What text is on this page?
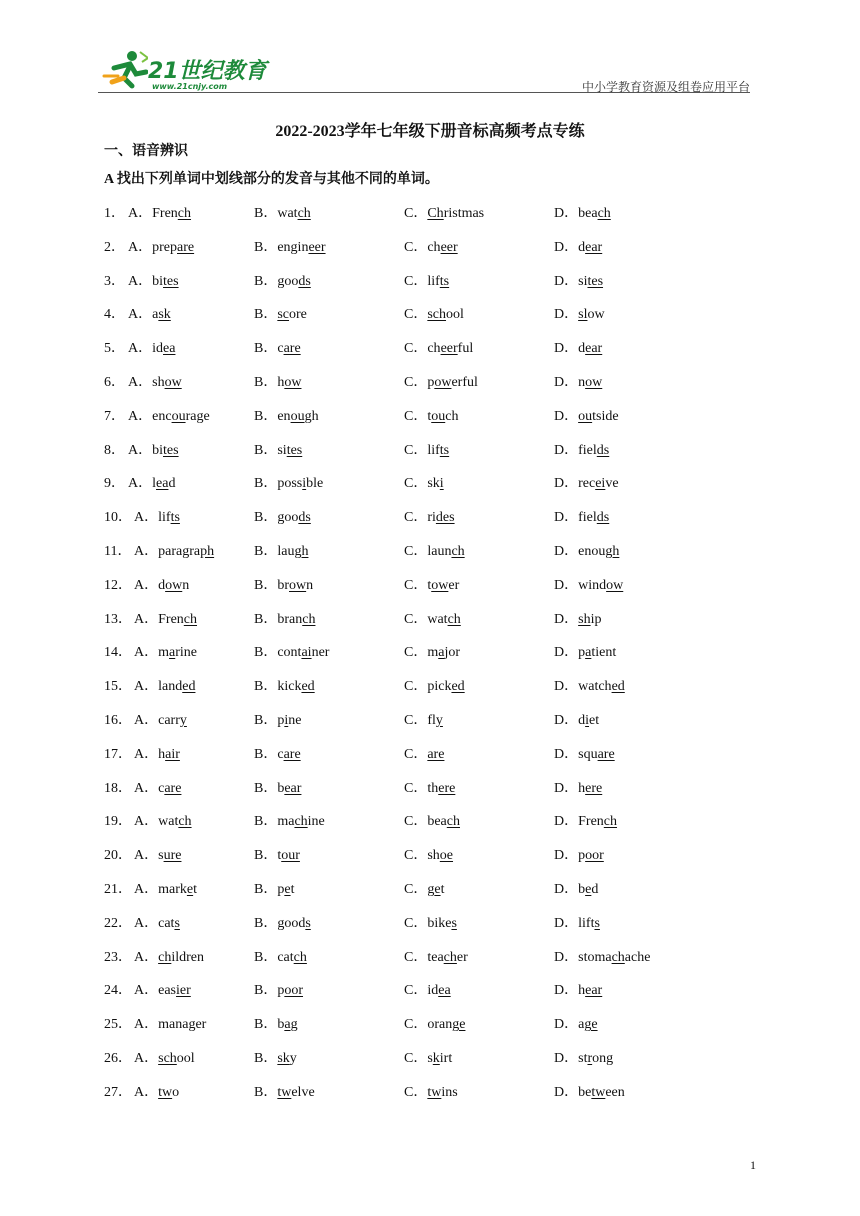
21世纪教育
www.21cnjy.com	中小学教育资源及组卷应用平台
2022-2023学年七年级下册音标高频考点专练
一、语音辨识
A 找出下列单词中划线部分的发音与其他不同的单词。
1． A．French	B．watch	C．Christmas	D．beach
2． A．prepare	B．engineer	C．cheer	D．dear
3． A．bites	B．goods	C．lifts	D．sites
4． A．ask	B．score	C．school	D．slow
5． A．idea	B．care	C．cheerful	D．dear
6． A．show	B．how	C．powerful	D．now
7． A．encourage	B．enough	C．touch	D．outside
8． A．bites	B．sites	C．lifts	D．fields
9． A．lead	B．possible	C．ski	D．receive
10． A．lifts	B．goods	C．rides	D．fields
11． A．paragraph	B．laugh	C．launch	D．enough
12． A．down	B．brown	C．tower	D．window
13． A．French	B．branch	C．watch	D．ship
14． A．marine	B．container	C．major	D．patient
15． A．landed	B．kicked	C．picked	D．watched
16． A．carry	B．pine	C．fly	D．diet
17． A．hair	B．care	C．are	D．square
18． A．care	B．bear	C．there	D．here
19． A．watch	B．machine	C．beach	D．French
20． A．sure	B．tour	C．shoe	D．poor
21． A．market	B．pet	C．get	D．bed
22． A．cats	B．goods	C．bikes	D．lifts
23． A．children	B．catch	C．teacher	D．stomachache
24． A．easier	B．poor	C．idea	D．hear
25． A．manager	B．bag	C．orange	D．age
26． A．school	B．sky	C．skirt	D．strong
27． A．two	B．twelve	C．twins	D．between
1
